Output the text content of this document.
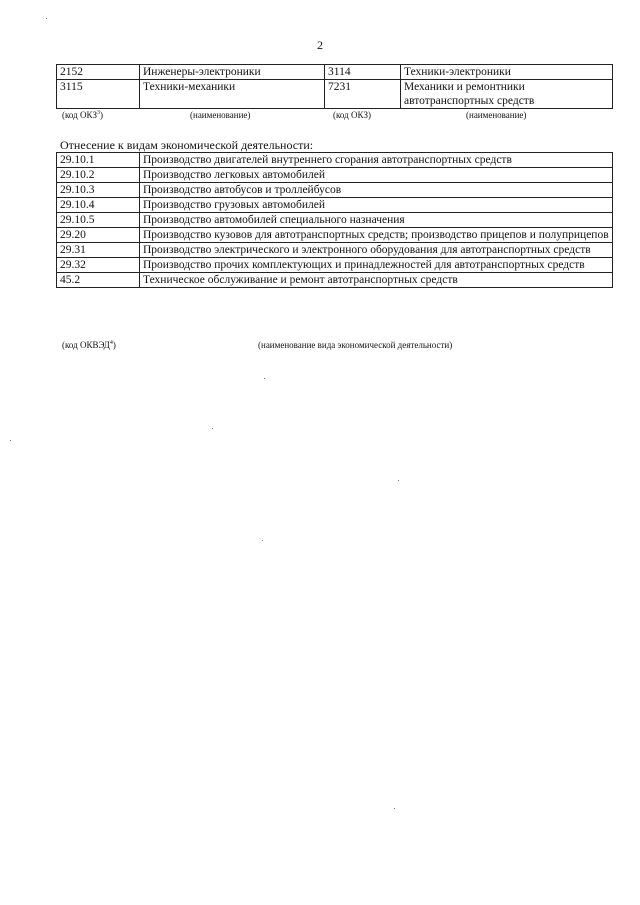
2
2152	Инженеры-электроники	3114	Техники-электроники
3115	Техники-механики	7231	Механики и ремонтники автотранспортных средств
(код ОКЗ$^3$)	(наименование)	(код ОКЗ)	(наименование)
Отнесение к видам экономической деятельности:
29.10.1	Производство двигателей внутреннего сгорания автотранспортных средств
29.10.2	Производство легковых автомобилей
29.10.3	Производство автобусов и троллейбусов
29.10.4	Производство грузовых автомобилей
29.10.5	Производство автомобилей специального назначения
29.20	Производство кузовов для автотранспортных средств; производство прицепов и полуприцепов
29.31	Производство электрического и электронного оборудования для автотранспортных средств
29.32	Производство прочих комплектующих и принадлежностей для автотранспортных средств
45.2	Техническое обслуживание и ремонт автотранспортных средств
(код ОКВЭД$^4$)	(наименование вида экономической деятельности)
